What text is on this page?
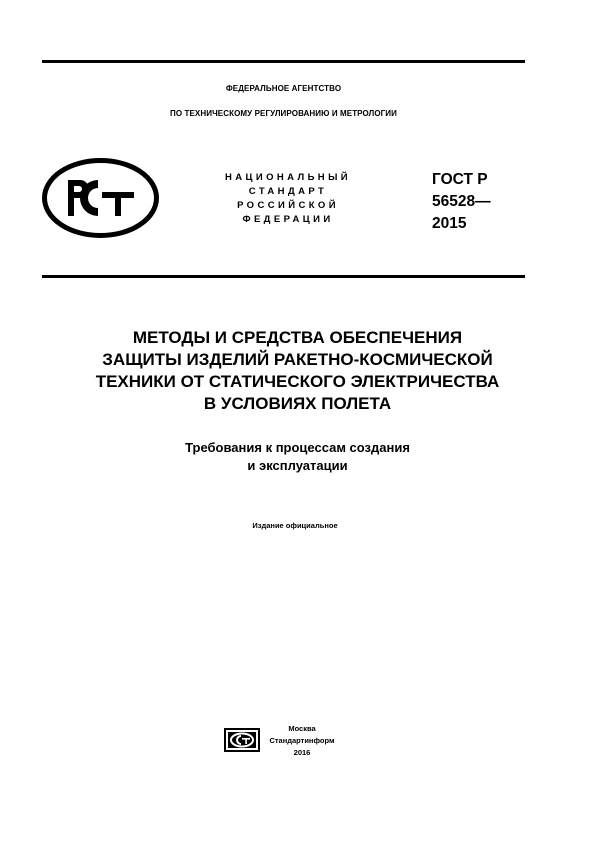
ФЕДЕРАЛЬНОЕ АГЕНТСТВО
ПО ТЕХНИЧЕСКОМУ РЕГУЛИРОВАНИЮ И МЕТРОЛОГИИ
НАЦИОНАЛЬНЫЙ
СТАНДАРТ
РОССИЙСКОЙ
ФЕДЕРАЦИИ
ГОСТ Р
56528—
2015
МЕТОДЫ И СРЕДСТВА ОБЕСПЕЧЕНИЯ
ЗАЩИТЫ ИЗДЕЛИЙ РАКЕТНО-КОСМИЧЕСКОЙ
ТЕХНИКИ ОТ СТАТИЧЕСКОГО ЭЛЕКТРИЧЕСТВА
В УСЛОВИЯХ ПОЛЕТА
Требования к процессам создания
и эксплуатации
Издание официальное
Москва
Стандартинформ
2016
